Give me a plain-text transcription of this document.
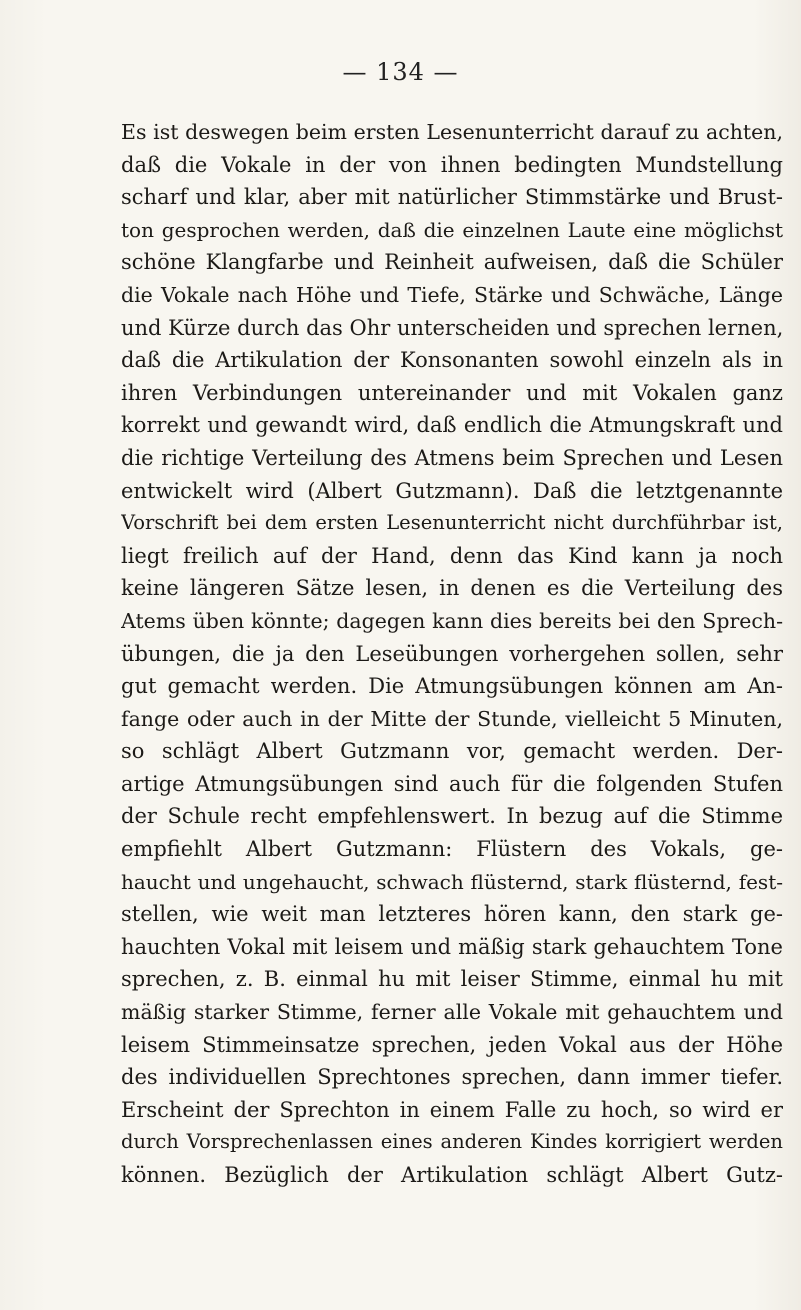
— 134 —
Es ist deswegen beim ersten Lesenunterricht darauf zu achten,
daß die Vokale in der von ihnen bedingten Mundstellung
scharf und klar, aber mit natürlicher Stimmstärke und Brust-
ton gesprochen werden, daß die einzelnen Laute eine möglichst
schöne Klangfarbe und Reinheit aufweisen, daß die Schüler
die Vokale nach Höhe und Tiefe, Stärke und Schwäche, Länge
und Kürze durch das Ohr unterscheiden und sprechen lernen,
daß die Artikulation der Konsonanten sowohl einzeln als in
ihren Verbindungen untereinander und mit Vokalen ganz
korrekt und gewandt wird, daß endlich die Atmungskraft und
die richtige Verteilung des Atmens beim Sprechen und Lesen
entwickelt wird (Albert Gutzmann). Daß die letztgenannte
Vorschrift bei dem ersten Lesenunterricht nicht durchführbar ist,
liegt freilich auf der Hand, denn das Kind kann ja noch
keine längeren Sätze lesen, in denen es die Verteilung des
Atems üben könnte; dagegen kann dies bereits bei den Sprech-
übungen, die ja den Leseübungen vorhergehen sollen, sehr
gut gemacht werden. Die Atmungsübungen können am An-
fange oder auch in der Mitte der Stunde, vielleicht 5 Minuten,
so schlägt Albert Gutzmann vor, gemacht werden. Der-
artige Atmungsübungen sind auch für die folgenden Stufen
der Schule recht empfehlenswert. In bezug auf die Stimme
empfiehlt Albert Gutzmann: Flüstern des Vokals, ge-
haucht und ungehaucht, schwach flüsternd, stark flüsternd, fest-
stellen, wie weit man letzteres hören kann, den stark ge-
hauchten Vokal mit leisem und mäßig stark gehauchtem Tone
sprechen, z. B. einmal hu mit leiser Stimme, einmal hu mit
mäßig starker Stimme, ferner alle Vokale mit gehauchtem und
leisem Stimmeinsatze sprechen, jeden Vokal aus der Höhe
des individuellen Sprechtones sprechen, dann immer tiefer.
Erscheint der Sprechton in einem Falle zu hoch, so wird er
durch Vorsprechenlassen eines anderen Kindes korrigiert werden
können. Bezüglich der Artikulation schlägt Albert Gutz-
